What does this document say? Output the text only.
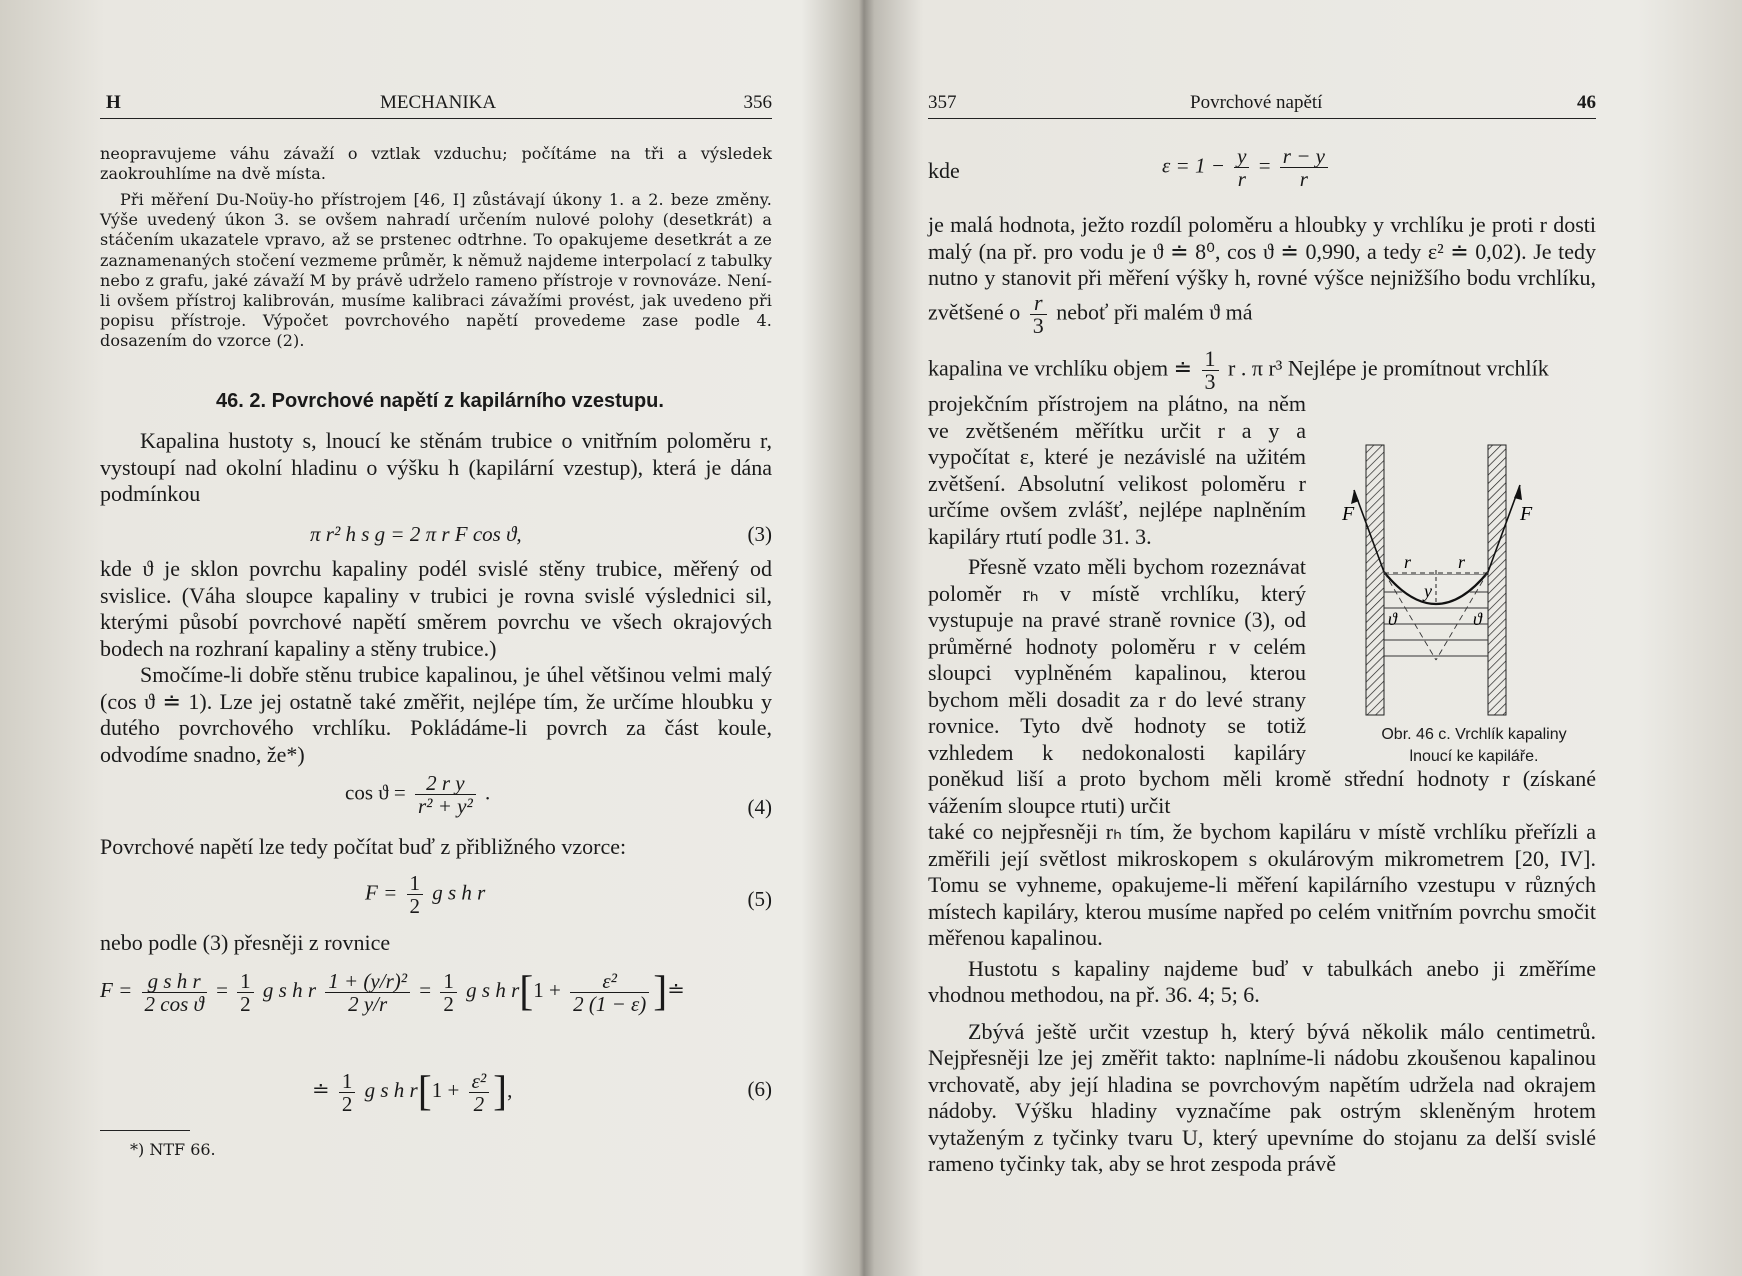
H	MECHANIKA	356

neopravujeme váhu závaží o vztlak vzduchu; počítáme na tři a výsledek zaokrouhlíme na dvě místa.

Při měření Du-Noüy-ho přístrojem [46, I] zůstávají úkony 1. a 2. beze změny. Výše uvedený úkon 3. se ovšem nahradí určením nulové polohy (desetkrát) a stáčením ukazatele vpravo, až se prstenec odtrhne. To opakujeme desetkrát a ze zaznamenaných stočení vezmeme průměr, k němuž najdeme interpolací z tabulky nebo z grafu, jaké závaží M by právě udrželo rameno přístroje v rovnováze. Není-li ovšem přístroj kalibrován, musíme kalibraci závažími provést, jak uvedeno při popisu přístroje. Výpočet povrchového napětí provedeme zase podle 4. dosazením do vzorce (2).

46. 2. Povrchové napětí z kapilárního vzestupu.

Kapalina hustoty s, lnoucí ke stěnám trubice o vnitřním poloměru r, vystoupí nad okolní hladinu o výšku h (kapilární vzestup), která je dána podmínkou

π r² h s g = 2 π r F cos ϑ,	(3)

kde ϑ je sklon povrchu kapaliny podél svislé stěny trubice, měřený od svislice. (Váha sloupce kapaliny v trubici je rovna svislé výslednici sil, kterými působí povrchové napětí směrem povrchu ve všech okrajových bodech na rozhraní kapaliny a stěny trubice.)

Smočíme-li dobře stěnu trubice kapalinou, je úhel většinou velmi malý (cos ϑ ≐ 1). Lze jej ostatně také změřit, nejlépe tím, že určíme hloubku y dutého povrchového vrchlíku. Pokládáme-li povrch za část koule, odvodíme snadno, že*)

$\cos ϑ = \frac{\text{2 r y}}{\text{r² + y²}}$ .
(4)

Povrchové napětí lze tedy počítat buď z přibližného vzorce:

$F = \frac{1}{2}$ g s h r	(5)

nebo podle (3) přesněji z rovnice

$F = \frac{\text{g s h r}}{\text{2 cos ϑ}} = \frac{1}{2}$ g s h r $\frac{\text{1 + (y/r)²}}{2 y/r} = \frac{1}{2}$ g s h $r[1 + \frac{\text{ε²}}{2 (1 - \varepsilon)}$ ]≐
≐ $\frac{1}{2}$ g s h $r[1 + \frac{\text{ε²}}{2}$ ],	(6)
*) NTF 66.
357	Povrchové napětí	46
kde	$\varepsilon = 1 - \frac{y}{r} = \frac{r - y}{r}$

je malá hodnota, ježto rozdíl poloměru a hloubky y vrchlíku je proti r dosti malý (na př. pro vodu je ϑ ≐ 8⁰, cos ϑ ≐ 0,990, a tedy ε² ≐ 0,02). Je tedy nutno y stanovit při měření výšky h, rovné výšce nejnižšího bodu vrchlíku, zvětšené o $\frac{r}{3}$ neboť při malém ϑ má

kapalina ve vrchlíku objem ≐ $\frac{1}{3}$ r . π r³ Nejlépe je promítnout vrchlík

projekčním přístrojem na plátno, na něm ve zvětšeném měřítku určit r a y a vypočítat ε, které je nezávislé na užitém zvětšení. Absolutní velikost poloměru r určíme ovšem zvlášť, nejlépe naplněním kapiláry rtutí podle 31. 3.
Přesně vzato měli bychom rozeznávat poloměr rₕ v místě vrchlíku, který vystupuje na pravé straně rovnice (3), od průměrné hodnoty poloměru r v celém sloupci vyplněném kapalinou, kterou bychom měli dosadit za r do levé strany rovnice. Tyto dvě hodnoty se totiž vzhledem k nedokonalosti kapiláry poněkud liší a proto bychom měli kromě střední hodnoty r (získané vážením sloupce rtuti) určit
také co nejpřesněji rₕ tím, že bychom kapiláru v místě vrchlíku přeřízli a změřili její světlost mikroskopem s okulárovým mikrometrem [20, IV]. Tomu se vyhneme, opakujeme-li měření kapilárního vzestupu v různých místech kapiláry, kterou musíme napřed po celém vnitřním povrchu smočit měřenou kapalinou.
Hustotu s kapaliny najdeme buď v tabulkách anebo ji změříme vhodnou methodou, na př. 36. 4; 5; 6.
Zbývá ještě určit vzestup h, který bývá několik málo centimetrů. Nejpřesněji lze jej změřit takto: naplníme-li nádobu zkoušenou kapalinou vrchovatě, aby její hladina se povrchovým napětím udržela nad okrajem nádoby. Výšku hladiny vyznačíme pak ostrým skleněným hrotem vytaženým z tyčinky tvaru U, který upevníme do stojanu za delší svislé rameno tyčinky tak, aby se hrot zespoda právě
F	F
r	r
y
ϑ	ϑ
Obr. 46 c. Vrchlík kapaliny
lnoucí ke kapiláře.
